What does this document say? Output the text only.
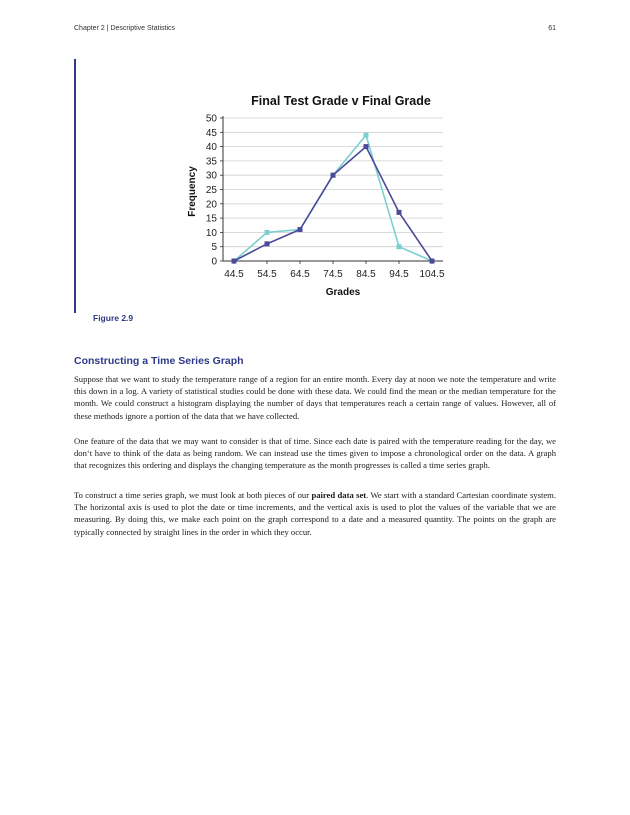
Chapter 2 | Descriptive Statistics	61
Final Test Grade v Final Grade
0
5
10
15
20
25
30
35
40
45
50
44.5 54.5 64.5 74.5 84.5 94.5 104.5
Grades
Frequency
Figure 2.9
Constructing a Time Series Graph

Suppose that we want to study the temperature range of a region for an entire month. Every day at noon we note the temperature and write this down in a log. A variety of statistical studies could be done with these data. We could find the mean or the median temperature for the month. We could construct a histogram displaying the number of days that temperatures reach a certain range of values. However, all of these methods ignore a portion of the data that we have collected.

One feature of the data that we may want to consider is that of time. Since each date is paired with the temperature reading for the day, we don‘t have to think of the data as being random. We can instead use the times given to impose a chronological order on the data. A graph that recognizes this ordering and displays the changing temperature as the month progresses is called a time series graph.

To construct a time series graph, we must look at both pieces of our paired data set. We start with a standard Cartesian coordinate system. The horizontal axis is used to plot the date or time increments, and the vertical axis is used to plot the values of the variable that we are measuring. By doing this, we make each point on the graph correspond to a date and a measured quantity. The points on the graph are typically connected by straight lines in the order in which they occur.
